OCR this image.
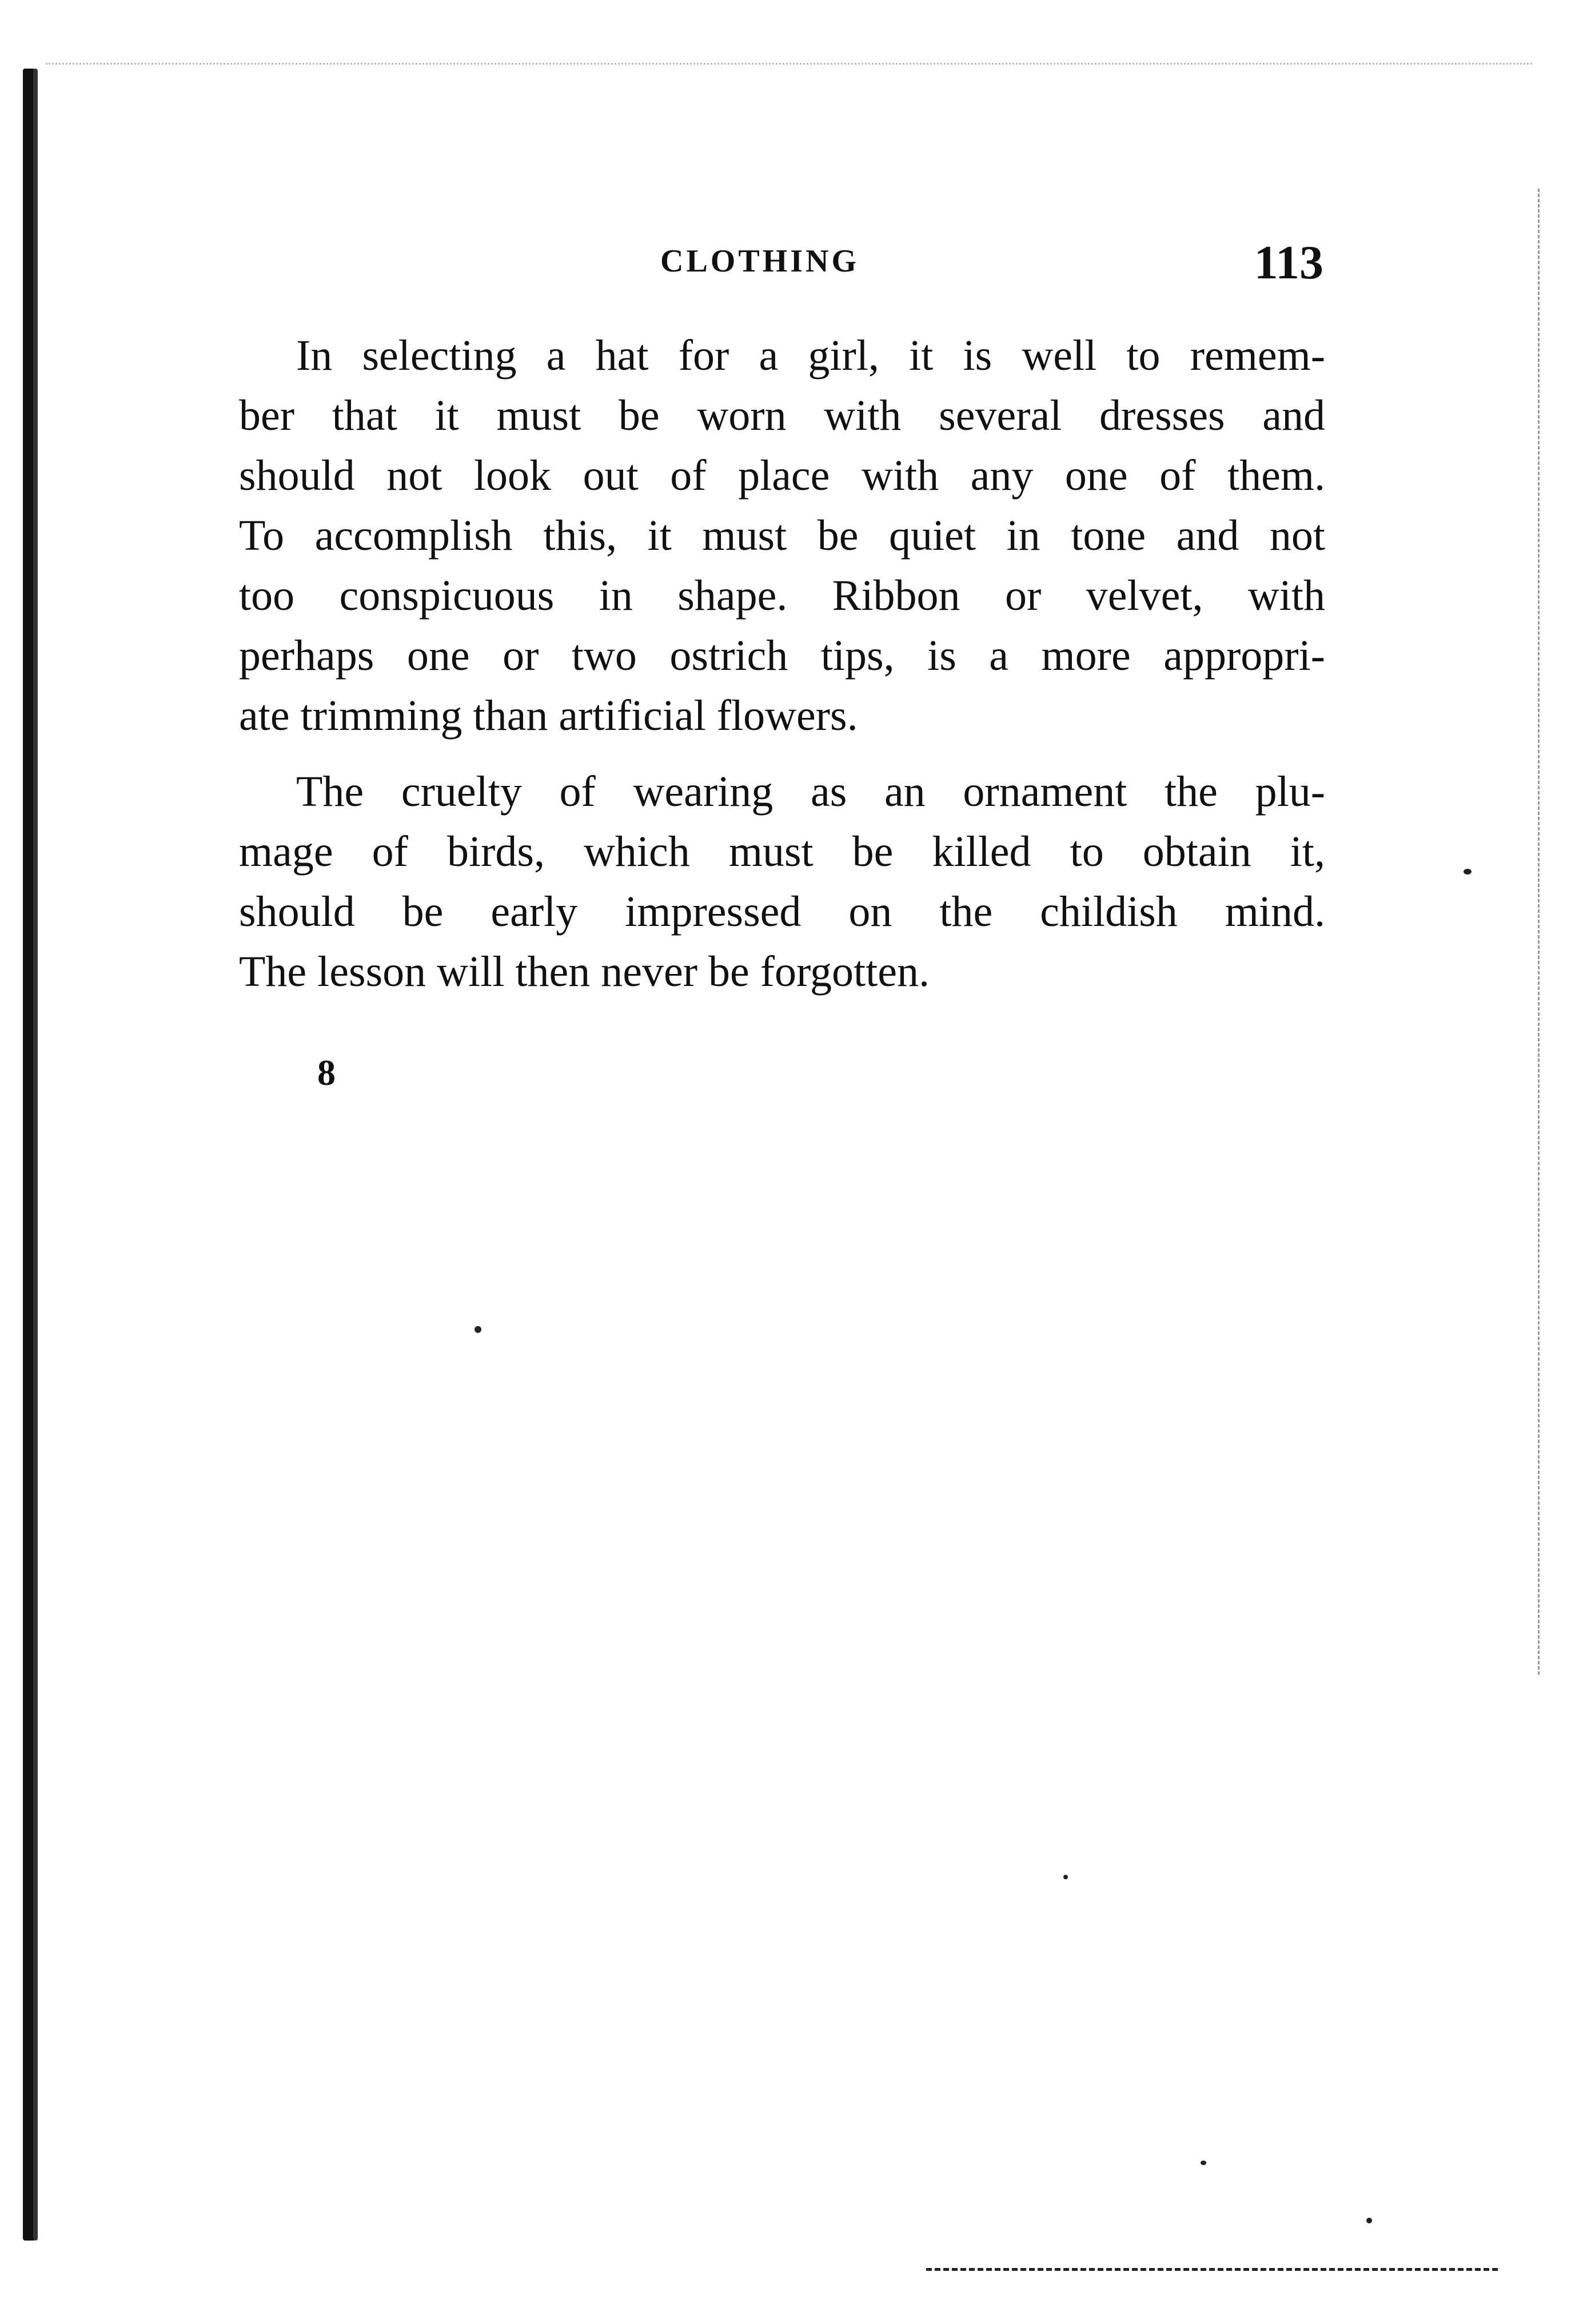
CLOTHING	113
In selecting a hat for a girl, it is well to remem-
ber that it must be worn with several dresses and
should not look out of place with any one of them.
To accomplish this, it must be quiet in tone and not
too conspicuous in shape. Ribbon or velvet, with
perhaps one or two ostrich tips, is a more appropri-
ate trimming than artificial flowers.
The cruelty of wearing as an ornament the plu-
mage of birds, which must be killed to obtain it,
should be early impressed on the childish mind.
The lesson will then never be forgotten.
8
